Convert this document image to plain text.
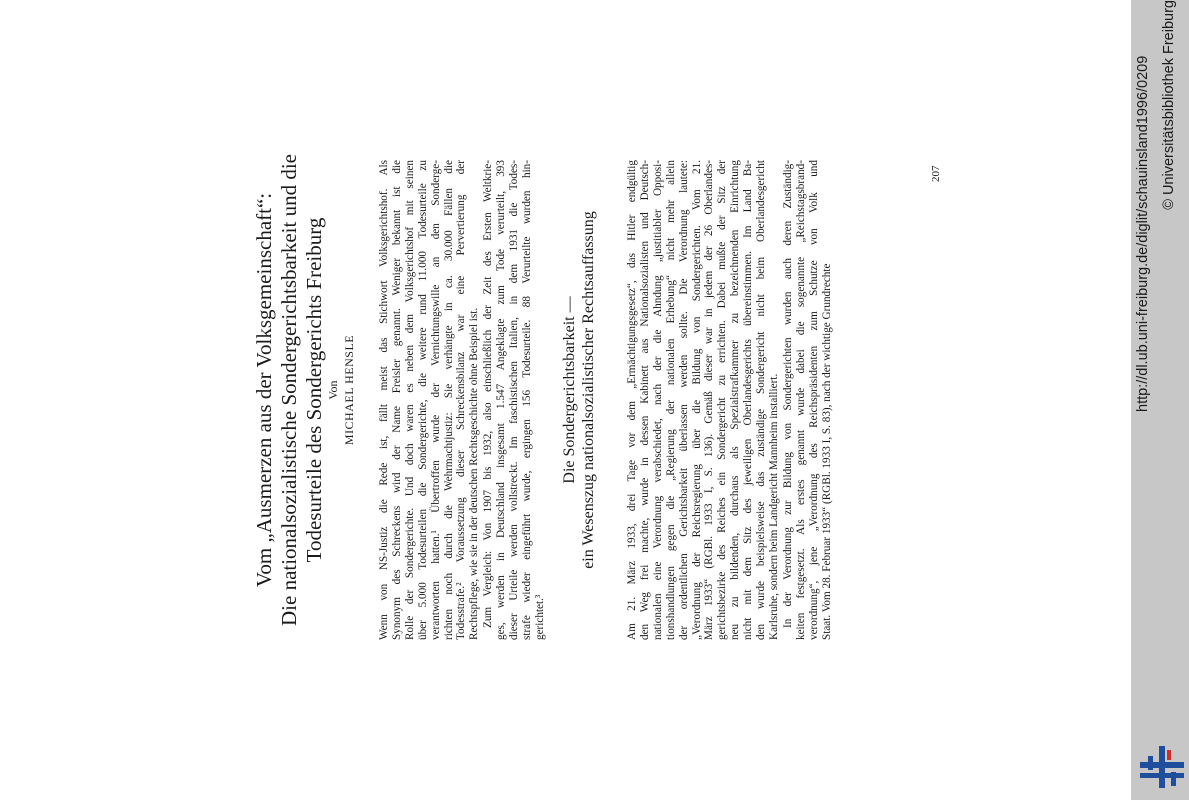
Vom „Ausmerzen aus der Volksgemeinschaft“: Die nationalsozialistische Sondergerichtsbarkeit und die Todesurteile des Sondergerichts Freiburg Von MICHAEL HENSLE Wenn von NS-Justiz die Rede ist, fällt meist das Stichwort Volksgerichtshof. Als Synonym des Schreckens wird der Name Freisler genannt. Weniger bekannt ist die Rolle der Sondergerichte. Und doch waren es neben dem Volksgerichtshof mit seinen über 5.000 Todesurteilen die Sondergerichte, die weitere rund 11.000 Todesurteile zu verantworten hatten.¹ Übertroffen wurde der Vernichtungswille an den Sonderge- richten noch durch die Wehrmachtjustiz: Sie verhängte in ca. 30.000 Fällen die Todesstrafe.² Voraussetzung dieser Schreckensbilanz war eine Pervertierung der Rechtspflege, wie sie in der deutschen Rechtsgeschichte ohne Beispiel ist. Zum Vergleich: Von 1907 bis 1932, also einschließlich der Zeit des Ersten Weltkrie- ges, werden in Deutschland insgesamt 1.547 Angeklagte zum Tode verurteilt, 393 dieser Urteile werden vollstreckt. Im faschistischen Italien, in dem 1931 die Todes- strafe wieder eingeführt wurde, ergingen 156 Todesurteile. 88 Verurteilte wurden hin- gerichtet.³
Die Sondergerichtsbarkeit — ein Wesenszug nationalsozialistischer Rechtsauffassung	Am 21. März 1933, drei Tage vor dem „Ermächtigungsgesetz“, das Hitler endgültig den Weg frei machte, wurde in dessen Kabinett aus Nationalsozialisten und Deutsch- nationalen eine Verordnung verabschiedet, nach der die Ahndung „justitiabler Opposi- tionshandlungen gegen die „Regierung der nationalen Erhebung“ nicht mehr allein der ordentlichen Gerichtsbarkeit überlassen werden sollte. Die Verordnung lautete: „Verordnung der Reichsregierung über die Bildung von Sondergerichten. Vom 21. März 1933“ (RGBl. 1933 I, S. 136). Gemäß dieser war in jedem der 26 Oberlandes- gerichtsbezirke des Reiches ein Sondergericht zu errichten. Dabei mußte der Sitz der neu zu bildenden, durchaus als Spezialstrafkammer zu bezeichnenden Einrichtung nicht mit dem Sitz des jeweiligen Oberlandesgerichts übereinstimmen. Im Land Ba- den wurde beispielsweise das zuständige Sondergericht nicht beim Oberlandesgericht Karlsruhe, sondern beim Landgericht Mannheim installiert. In der Verordnung zur Bildung von Sondergerichten wurden auch deren Zuständig- keiten festgesetzt. Als erstes genannt wurde dabei die sogenannte „Reichstagsbrand- verordnung“, jene „Verordnung des Reichspräsidenten zum Schutze von Volk und Staat. Vom 28. Februar 1933“ (RGBl. 1933 I, S. 83), nach der wichtige Grundrechte
207	http://dl.ub.uni-freiburg.de/diglit/schauinsland1996/0209 © Universitätsbibliothek Freiburg
